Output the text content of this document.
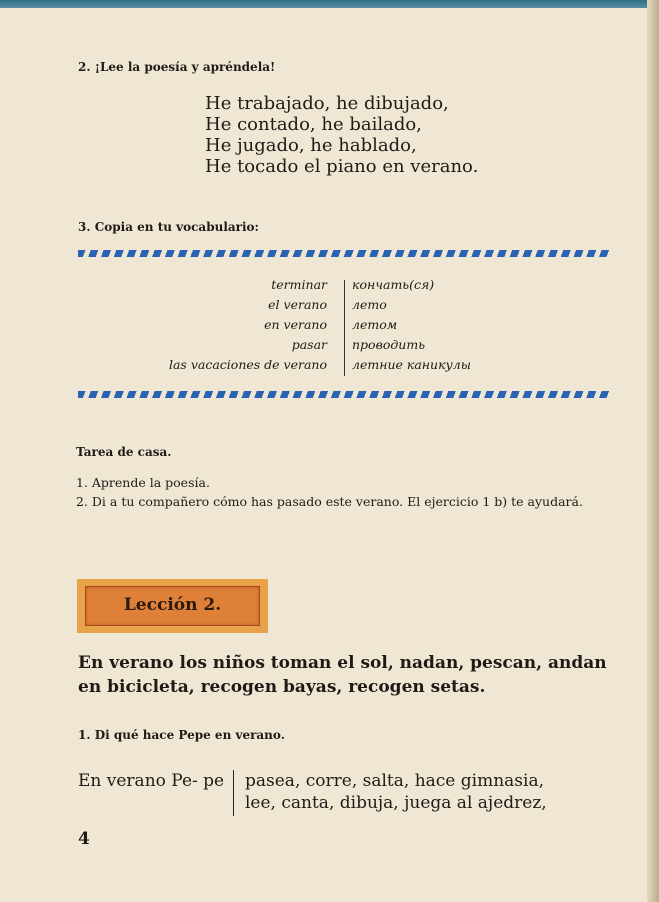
2. ¡Lee la poesía y apréndela!

He trabajado, he dibujado,
He contado, he bailado,
He jugado, he hablado,
He tocado el piano en verano.

3. Copia en tu vocabulario:

terminar кончать(ся)
el verano лето
en verano летом
pasar проводить
las vacaciones de verano летние каникулы

Tarea de casa.

1. Aprende la poesía.

2. Di a tu compañero cómo has pasado este verano. El ejercicio 1 b) te ayudará.

Lección 2.

En verano los niños toman el sol, nadan, pescan, andan en bicicleta, recogen bayas, recogen setas.

1. Di qué hace Pepe en verano.

En verano Pe- pe pasea, corre, salta, hace gimnasia,
lee, canta, dibuja, juega al ajedrez,

4
